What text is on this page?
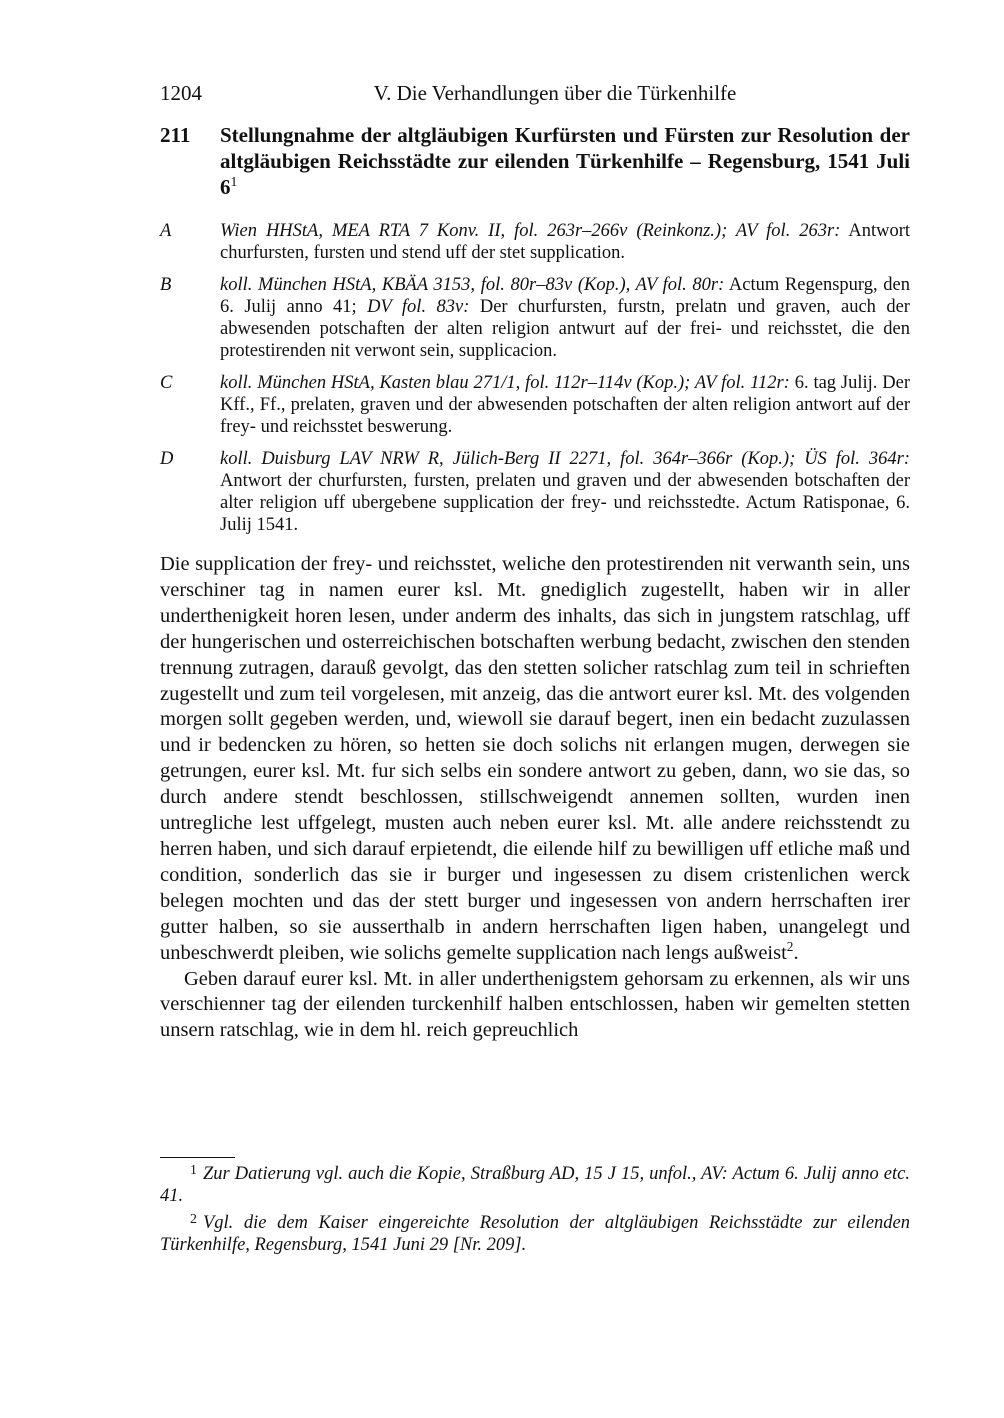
1204	V. Die Verhandlungen über die Türkenhilfe
211 Stellungnahme der altgläubigen Kurfürsten und Fürsten zur Resolution der altgläubigen Reichsstädte zur eilenden Türkenhilfe – Regensburg, 1541 Juli $6^1$
A	Wien HHStA, MEA RTA 7 Konv. II, fol. 263r–266v (Reinkonz.); AV fol. 263r: Antwort churfursten, fursten und stend uff der stet supplication.
B	koll. München HStA, KBÄA 3153, fol. 80r–83v (Kop.), AV fol. 80r: Actum Regenspurg, den 6. Julij anno 41; DV fol. 83v: Der churfursten, furstn, prelatn und graven, auch der abwesenden potschaften der alten religion antwurt auf der frei- und reichsstet, die den protestirenden nit verwont sein, supplicacion.
C	koll. München HStA, Kasten blau 271/1, fol. 112r–114v (Kop.); AV fol. 112r: 6. tag Julij. Der Kff., Ff., prelaten, graven und der abwesenden potschaften der alten religion antwort auf der frey- und reichsstet beswerung.
D	koll. Duisburg LAV NRW R, Jülich-Berg II 2271, fol. 364r–366r (Kop.); ÜS fol. 364r: Antwort der churfursten, fursten, prelaten und graven und der abwesenden botschaften der alter religion uff ubergebene supplication der frey- und reichsstedte. Actum Ratisponae, 6. Julij 1541.

Die supplication der frey- und reichsstet, weliche den protestirenden nit verwanth sein, uns verschiner tag in namen eurer ksl. Mt. gnediglich zugestellt, haben wir in aller underthenigkeit horen lesen, under anderm des inhalts, das sich in jungstem ratschlag, uff der hungerischen und osterreichischen botschaften werbung bedacht, zwischen den stenden trennung zutragen, darauß gevolgt, das den stetten solicher ratschlag zum teil in schrieften zugestellt und zum teil vorgelesen, mit anzeig, das die antwort eurer ksl. Mt. des volgenden morgen sollt gegeben werden, und, wiewoll sie darauf begert, inen ein bedacht zuzulassen und ir bedencken zu hören, so hetten sie doch solichs nit erlangen mugen, derwegen sie getrungen, eurer ksl. Mt. fur sich selbs ein sondere antwort zu geben, dann, wo sie das, so durch andere stendt beschlossen, stillschweigendt annemen sollten, wurden inen untregliche lest uffgelegt, musten auch neben eurer ksl. Mt. alle andere reichsstendt zu herren haben, und sich darauf erpietendt, die eilende hilf zu bewilligen uff etliche maß und condition, sonderlich das sie ir burger und ingesessen zu disem cristenlichen werck belegen mochten und das der stett burger und ingesessen von andern herrschaften irer gutter halben, so sie ausserthalb in andern herrschaften ligen haben, unangelegt und unbeschwerdt pleiben, wie solichs gemelte supplication nach lengs außweist$^2$.

Geben darauf eurer ksl. Mt. in aller underthenigstem gehorsam zu erkennen, als wir uns verschienner tag der eilenden turckenhilf halben entschlossen, haben wir gemelten stetten unsern ratschlag, wie in dem hl. reich gepreuchlich

$^1$ Zur Datierung vgl. auch die Kopie, Straßburg AD, 15 J 15, unfol., AV: Actum 6. Julij anno etc. 41.

$^2$ Vgl. die dem Kaiser eingereichte Resolution der altgläubigen Reichsstädte zur eilenden Türkenhilfe, Regensburg, 1541 Juni 29 [Nr. 209].
